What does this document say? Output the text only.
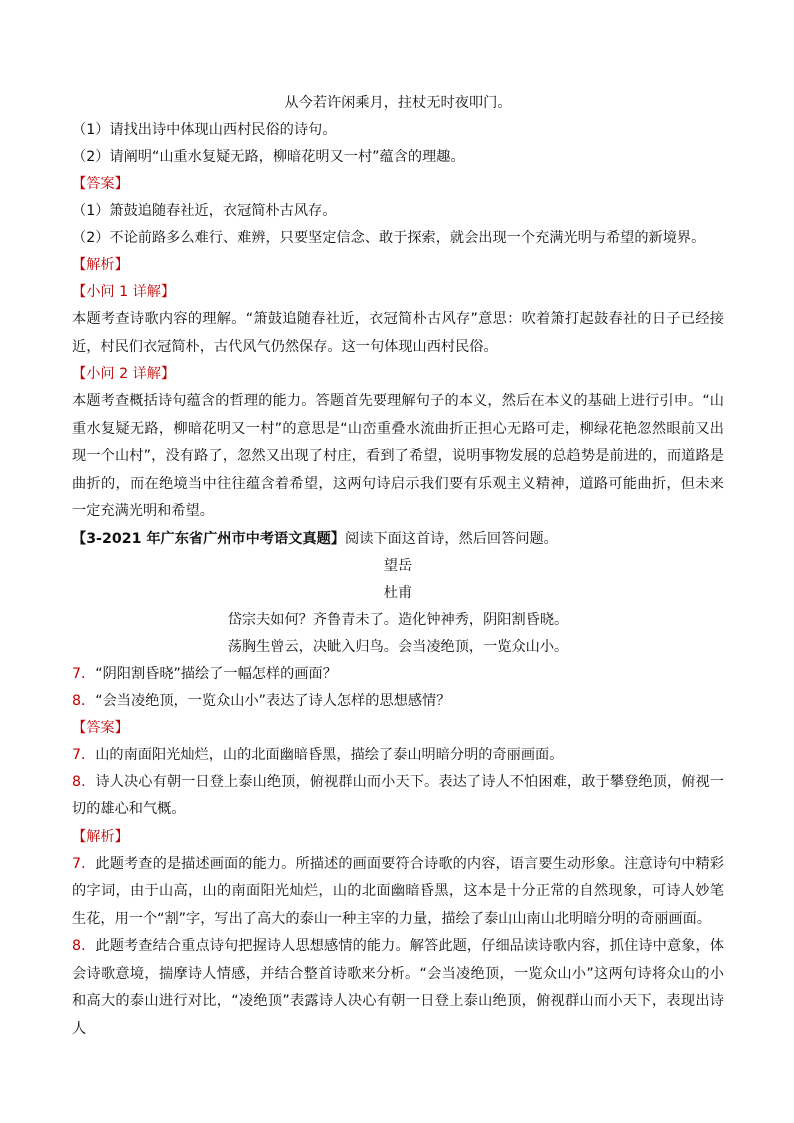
从今若许闲乘月，拄杖无时夜叩门。
（1）请找出诗中体现山西村民俗的诗句。
（2）请阐明“山重水复疑无路，柳暗花明又一村”蕴含的理趣。
【答案】
（1）箫鼓追随春社近，衣冠简朴古风存。
（2）不论前路多么难行、难辨，只要坚定信念、敢于探索，就会出现一个充满光明与希望的新境界。
【解析】
【小问 1 详解】

本题考查诗歌内容的理解。“箫鼓追随春社近，衣冠简朴古风存”意思：吹着箫打起鼓春社的日子已经接近，村民们衣冠简朴，古代风气仍然保存。这一句体现山西村民俗。

【小问 2 详解】

本题考查概括诗句蕴含的哲理的能力。答题首先要理解句子的本义，然后在本义的基础上进行引申。“山重水复疑无路，柳暗花明又一村”的意思是“山峦重叠水流曲折正担心无路可走，柳绿花艳忽然眼前又出现一个山村”，没有路了，忽然又出现了村庄，看到了希望，说明事物发展的总趋势是前进的，而道路是曲折的，而在绝境当中往往蕴含着希望，这两句诗启示我们要有乐观主义精神，道路可能曲折，但未来一定充满光明和希望。

【3-2021 年广东省广州市中考语文真题】阅读下面这首诗，然后回答问题。
望岳
杜甫
岱宗夫如何？齐鲁青未了。造化钟神秀，阴阳割昏晓。
荡胸生曾云，决眦入归鸟。会当凌绝顶，一览众山小。
7．“阴阳割昏晓”描绘了一幅怎样的画面？
8．“会当凌绝顶，一览众山小”表达了诗人怎样的思想感情？
【答案】
7．山的南面阳光灿烂，山的北面幽暗昏黑，描绘了泰山明暗分明的奇丽画面。

8．诗人决心有朝一日登上泰山绝顶，俯视群山而小天下。表达了诗人不怕困难，敢于攀登绝顶，俯视一切的雄心和气概。

【解析】

7．此题考查的是描述画面的能力。所描述的画面要符合诗歌的内容，语言要生动形象。注意诗句中精彩的字词，由于山高，山的南面阳光灿烂，山的北面幽暗昏黑，这本是十分正常的自然现象，可诗人妙笔生花，用一个“割”字，写出了高大的泰山一种主宰的力量，描绘了泰山山南山北明暗分明的奇丽画面。

8．此题考查结合重点诗句把握诗人思想感情的能力。解答此题，仔细品读诗歌内容，抓住诗中意象，体会诗歌意境，揣摩诗人情感，并结合整首诗歌来分析。“会当凌绝顶，一览众山小”这两句诗将众山的小和高大的泰山进行对比，“凌绝顶”表露诗人决心有朝一日登上泰山绝顶，俯视群山而小天下，表现出诗人
